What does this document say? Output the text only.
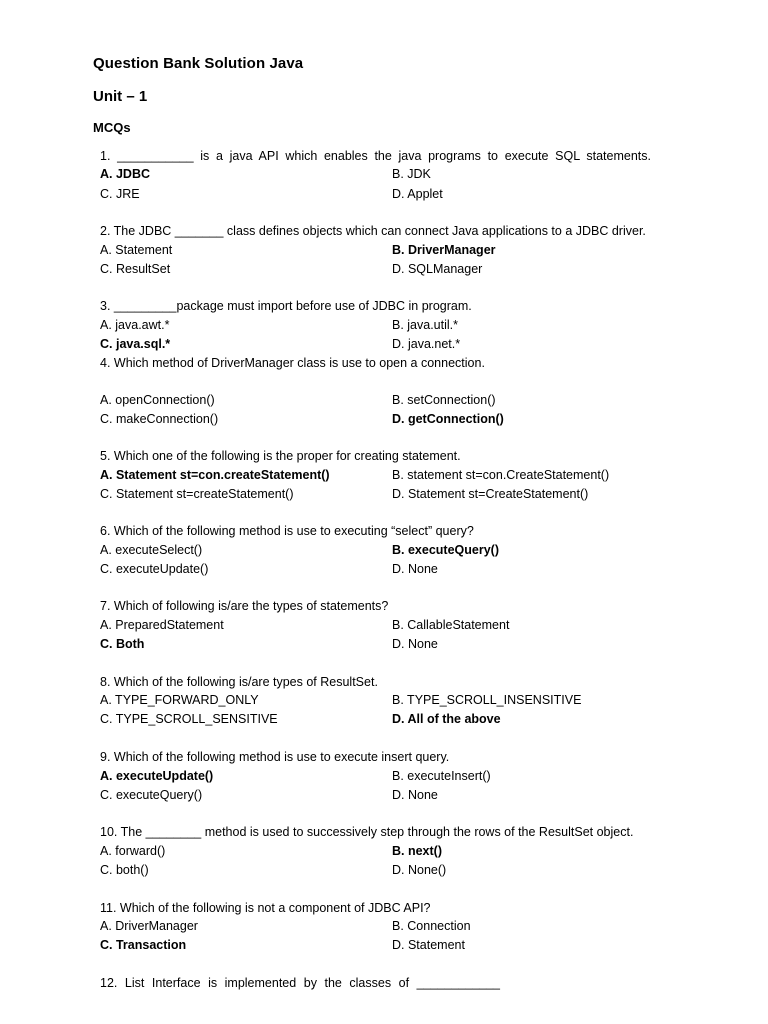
Question Bank Solution Java
Unit – 1
MCQs
1. ___________ is a java API which enables the java programs to execute SQL statements.
A. JDBC	B. JDK
C. JRE	D. Applet
2. The JDBC _______ class defines objects which can connect Java applications to a JDBC driver.
A. Statement	B. DriverManager
C. ResultSet	D. SQLManager
3. _________package must import before use of JDBC in program.
A. java.awt.*	B. java.util.*
C. java.sql.*	D. java.net.*
4. Which method of DriverManager class is use to open a connection.
A. openConnection()	B. setConnection()
C. makeConnection()	D. getConnection()
5. Which one of the following is the proper for creating statement.
A. Statement st=con.createStatement()	B. statement st=con.CreateStatement()
C. Statement st=createStatement()	D. Statement st=CreateStatement()
6. Which of the following method is use to executing “select” query?
A. executeSelect()	B. executeQuery()
C. executeUpdate()	D. None
7. Which of following is/are the types of statements?
A. PreparedStatement	B. CallableStatement
C. Both	D. None
8. Which of the following is/are types of ResultSet.
A. TYPE_FORWARD_ONLY	B. TYPE_SCROLL_INSENSITIVE
C. TYPE_SCROLL_SENSITIVE	D. All of the above
9. Which of the following method is use to execute insert query.
A. executeUpdate()	B. executeInsert()
C. executeQuery()	D. None
10. The ________ method is used to successively step through the rows of the ResultSet object.
A. forward()	B. next()
C. both()	D. None()
11. Which of the following is not a component of JDBC API?
A. DriverManager	B. Connection
C. Transaction	D. Statement
12. List Interface is implemented by the classes of ____________
